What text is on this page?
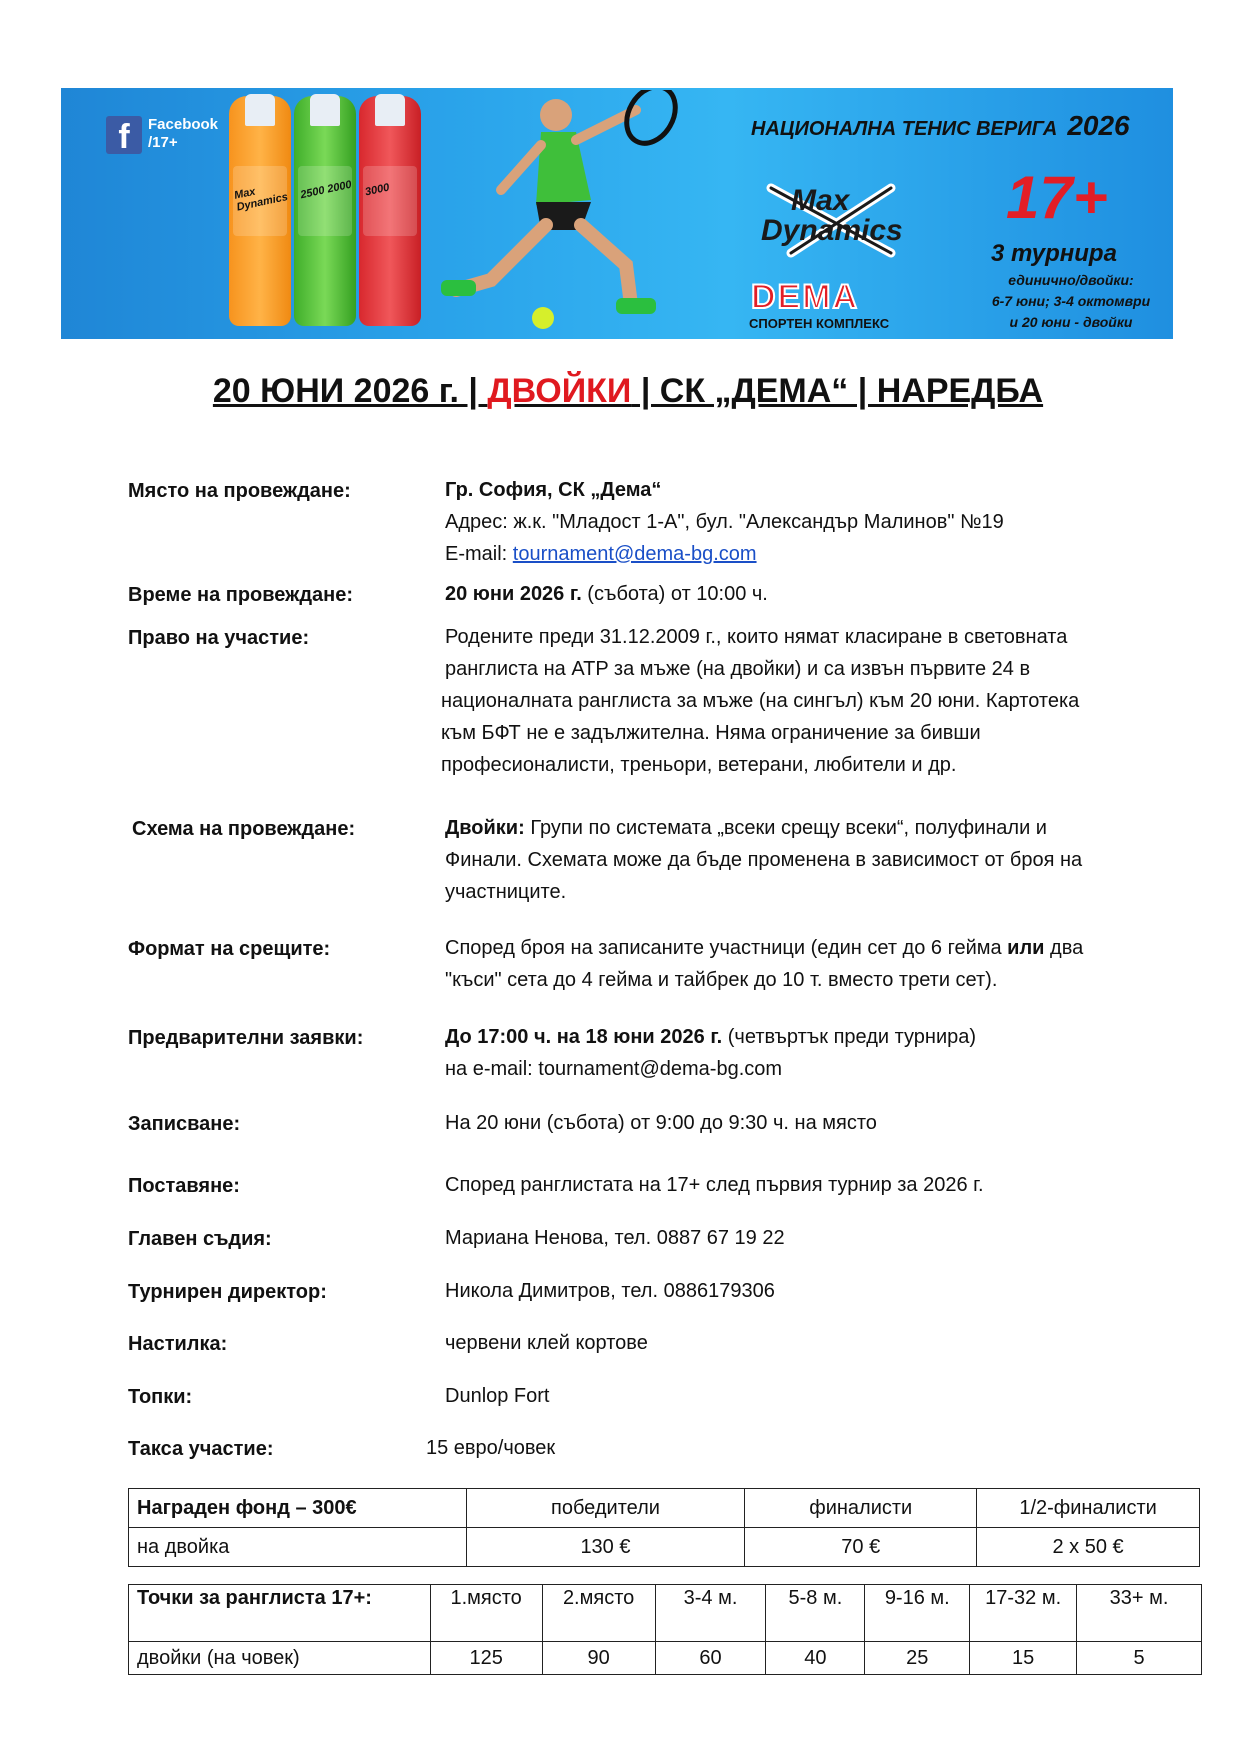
f	Facebook
/17+
Max Dynamics
2500 2000 3000
НАЦИОНАЛНА ТЕНИС ВЕРИГА 2026
Max
Dynamics
DEMA
СПОРТЕН КОМПЛЕКС
17+
3 турнира
единично/двойки:
6-7 юни; 3-4 октомври
и 20 юни - двойки
20 ЮНИ 2026 г. | ДВОЙКИ | СК „ДЕМА“ | НАРЕДБА
Място на провеждане:	Гр. София, СК „Дема“
Адрес: ж.к. "Младост 1-А", бул. "Александър Малинов" №19
E-mail: tournament@dema-bg.com
Време на провеждане:	20 юни 2026 г. (събота) от 10:00 ч.
Право на участие:	Родените преди 31.12.2009 г., които нямат класиране в световната
ранглиста на ATP за мъже (на двойки) и са извън първите 24 в
националната ранглиста за мъже (на сингъл) към 20 юни. Картотека
към БФТ не е задължителна. Няма ограничение за бивши
професионалисти, треньори, ветерани, любители и др.
Схема на провеждане:	Двойки: Групи по системата „всеки срещу всеки“, полуфинали и
Финали. Схемата може да бъде променена в зависимост от броя на
участниците.
Формат на срещите:	Според броя на записаните участници (един сет до 6 гейма или два
"къси" сета до 4 гейма и тайбрек до 10 т. вместо трети сет).
Предварителни заявки:	До 17:00 ч. на 18 юни 2026 г. (четвъртък преди турнира)
на e-mail: tournament@dema-bg.com
Записване:	На 20 юни (събота) от 9:00 до 9:30 ч. на място
Поставяне:	Според ранглистата на 17+ след първия турнир за 2026 г.
Главен съдия:	Мариана Ненова, тел. 0887 67 19 22
Турнирен директор:	Никола Димитров, тел. 0886179306
Настилка:	червени клей кортове
Топки:	Dunlop Fort
Такса участие:	15 евро/човек
Награден фонд – 300€	победители	финалисти	1/2-финалисти
на двойка	130 €	70 €	2 х 50 €
Точки за ранглиста 17+:	1.място	2.място	3-4 м.	5-8 м.	9-16 м.	17-32 м.	33+ м.
двойки (на човек)	125	90	60	40	25	15	5
